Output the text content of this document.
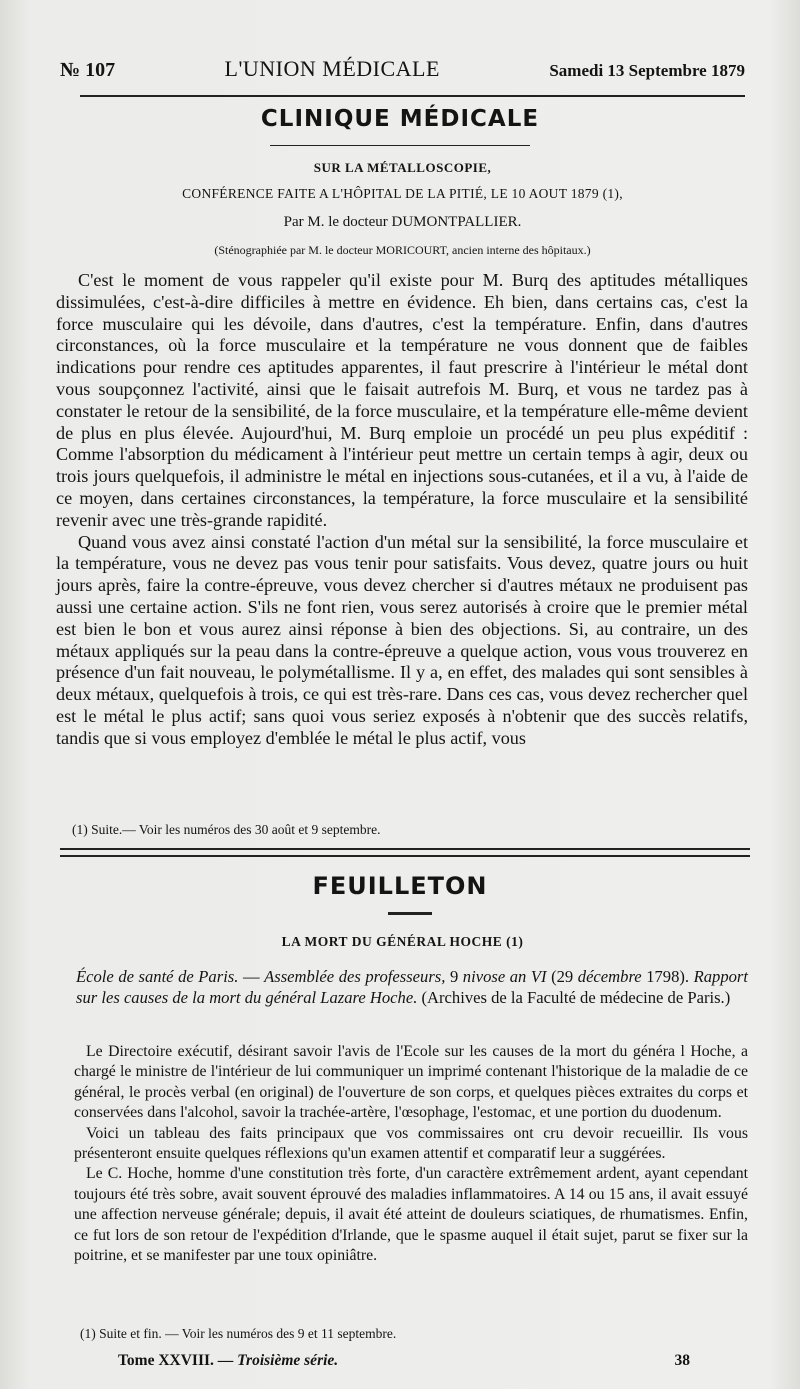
№ 107	L'UNION MÉDICALE	Samedi 13 Septembre 1879
CLINIQUE MÉDICALE
SUR LA MÉTALLOSCOPIE,
CONFÉRENCE FAITE A L'HÔPITAL DE LA PITIÉ, LE 10 AOUT 1879 (1),
Par M. le docteur DUMONTPALLIER.
(Sténographiée par M. le docteur MORICOURT, ancien interne des hôpitaux.)

C'est le moment de vous rappeler qu'il existe pour M. Burq des aptitudes métalliques dissimulées, c'est-à-dire difficiles à mettre en évidence. Eh bien, dans certains cas, c'est la force musculaire qui les dévoile, dans d'autres, c'est la température. Enfin, dans d'autres circonstances, où la force musculaire et la température ne vous donnent que de faibles indications pour rendre ces aptitudes apparentes, il faut prescrire à l'intérieur le métal dont vous soupçonnez l'activité, ainsi que le faisait autrefois M. Burq, et vous ne tardez pas à constater le retour de la sensibilité, de la force musculaire, et la température elle-même devient de plus en plus élevée. Aujourd'hui, M. Burq emploie un procédé un peu plus expéditif : Comme l'absorption du médicament à l'intérieur peut mettre un certain temps à agir, deux ou trois jours quelquefois, il administre le métal en injections sous-cutanées, et il a vu, à l'aide de ce moyen, dans certaines circonstances, la température, la force musculaire et la sensibilité revenir avec une très-grande rapidité.

Quand vous avez ainsi constaté l'action d'un métal sur la sensibilité, la force musculaire et la température, vous ne devez pas vous tenir pour satisfaits. Vous devez, quatre jours ou huit jours après, faire la contre-épreuve, vous devez chercher si d'autres métaux ne produisent pas aussi une certaine action. S'ils ne font rien, vous serez autorisés à croire que le premier métal est bien le bon et vous aurez ainsi réponse à bien des objections. Si, au contraire, un des métaux appliqués sur la peau dans la contre-épreuve a quelque action, vous vous trouverez en présence d'un fait nouveau, le polymétallisme. Il y a, en effet, des malades qui sont sensibles à deux métaux, quelquefois à trois, ce qui est très-rare. Dans ces cas, vous devez rechercher quel est le métal le plus actif; sans quoi vous seriez exposés à n'obtenir que des succès relatifs, tandis que si vous employez d'emblée le métal le plus actif, vous

(1) Suite.— Voir les numéros des 30 août et 9 septembre.
FEUILLETON
LA MORT DU GÉNÉRAL HOCHE (1)

École de santé de Paris. — Assemblée des professeurs, 9 nivose an VI (29 décembre 1798). Rapport sur les causes de la mort du général Lazare Hoche. (Archives de la Faculté de médecine de Paris.)

Le Directoire exécutif, désirant savoir l'avis de l'Ecole sur les causes de la mort du généra l Hoche, a chargé le ministre de l'intérieur de lui communiquer un imprimé contenant l'historique de la maladie de ce général, le procès verbal (en original) de l'ouverture de son corps, et quelques pièces extraites du corps et conservées dans l'alcohol, savoir la trachée-artère, l'œsophage, l'estomac, et une portion du duodenum.

Voici un tableau des faits principaux que vos commissaires ont cru devoir recueillir. Ils vous présenteront ensuite quelques réflexions qu'un examen attentif et comparatif leur a suggérées.

Le C. Hoche, homme d'une constitution très forte, d'un caractère extrêmement ardent, ayant cependant toujours été très sobre, avait souvent éprouvé des maladies inflammatoires. A 14 ou 15 ans, il avait essuyé une affection nerveuse générale; depuis, il avait été atteint de douleurs sciatiques, de rhumatismes. Enfin, ce fut lors de son retour de l'expédition d'Irlande, que le spasme auquel il était sujet, parut se fixer sur la poitrine, et se manifester par une toux opiniâtre.

(1) Suite et fin. — Voir les numéros des 9 et 11 septembre.
Tome XXVIII. — Troisième série.	38
